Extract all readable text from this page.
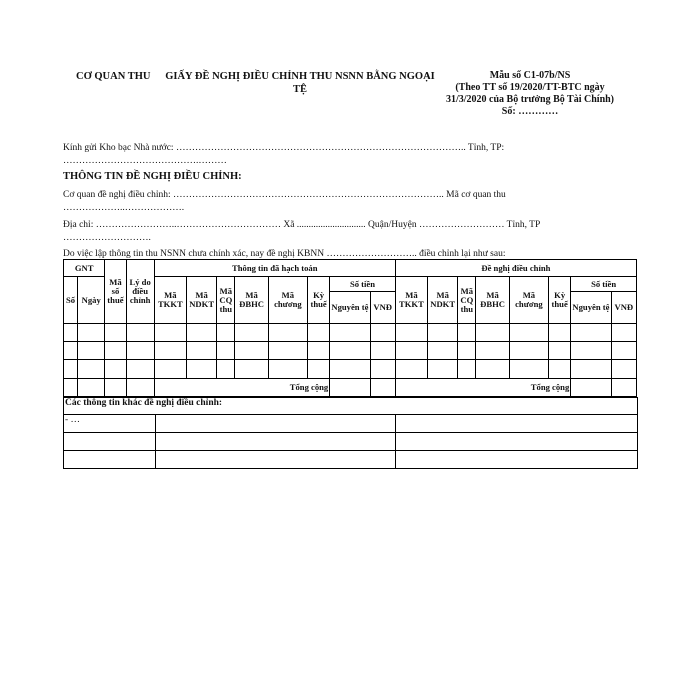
CƠ QUAN THU	GIẤY ĐỀ NGHỊ ĐIỀU CHỈNH THU NSNN BẰNG NGOẠI
TỆ
Mẫu số C1-07b/NS
(Theo TT số 19/2020/TT-BTC ngày
31/3/2020 của Bộ trưởng Bộ Tài Chính)
Số: …………
Kính gửi Kho bạc Nhà nước: ……………………………………………………………………………….. Tỉnh, TP:
…………………………………….………
THÔNG TIN ĐỀ NGHỊ ĐIỀU CHỈNH:
Cơ quan đề nghị điều chỉnh: ………………………………………………………………………….. Mã cơ quan thu
………………..……………….
Địa chỉ: ……………………..…………………………… Xã ............................. Quận/Huyện ……………………… Tỉnh, TP
……………………….
Do việc lập thông tin thu NSNN chưa chính xác, nay đề nghị KBNN ……………………….. điều chỉnh lại như sau:
GNT		Mã số thuế	Lý do điều chỉnh	Thông tin đã hạch toán								Đề nghị điều chỉnh							
Số	Ngày			Mã TKKT	Mã NDKT	Mã CQ thu	Mã ĐBHC	Mã chương	Kỳ thuế	Số tiền		Mã TKKT	Mã NDKT	Mã CQ thu	Mã ĐBHC	Mã chương	Kỳ thuế	Số tiền	
										Nguyên tệ	VNĐ							Nguyên tệ	VNĐ

				Tổng cộng								Tổng cộng							
Các thông tin khác đề nghị điều chỉnh:		
- …		
